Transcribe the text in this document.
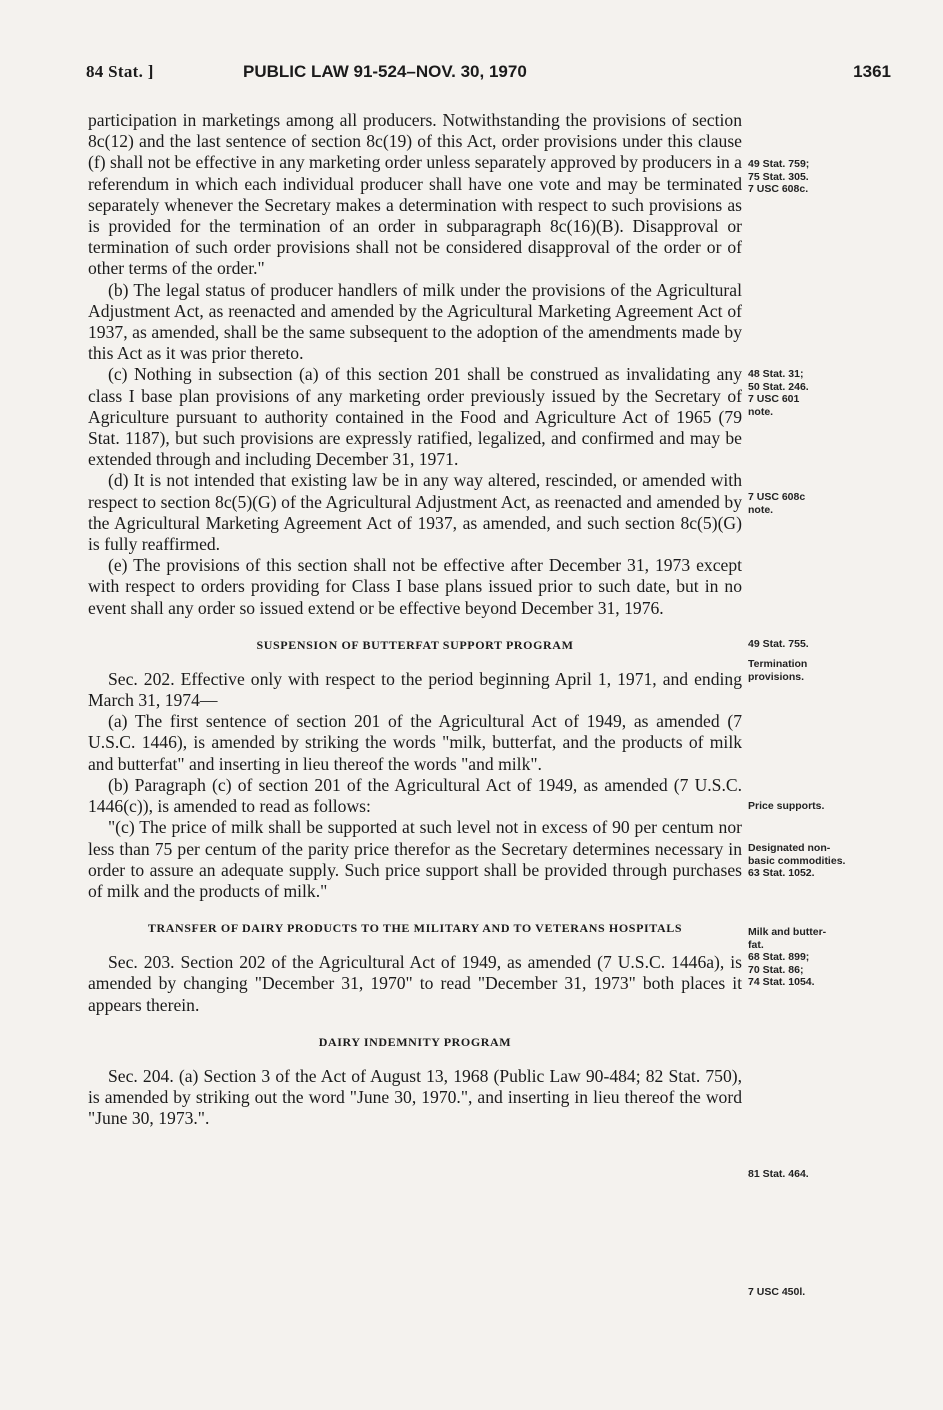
84 Stat. ]	PUBLIC LAW 91-524–NOV. 30, 1970	1361

participation in marketings among all producers. Notwithstanding the provisions of section 8c(12) and the last sentence of section 8c(19) of this Act, order provisions under this clause (f) shall not be effective in any marketing order unless separately approved by producers in a referendum in which each individual producer shall have one vote and may be terminated separately whenever the Secretary makes a determination with respect to such provisions as is provided for the termination of an order in subparagraph 8c(16)(B). Disapproval or termination of such order provisions shall not be considered disapproval of the order or of other terms of the order."

(b) The legal status of producer handlers of milk under the provisions of the Agricultural Adjustment Act, as reenacted and amended by the Agricultural Marketing Agreement Act of 1937, as amended, shall be the same subsequent to the adoption of the amendments made by this Act as it was prior thereto.

(c) Nothing in subsection (a) of this section 201 shall be construed as invalidating any class I base plan provisions of any marketing order previously issued by the Secretary of Agriculture pursuant to authority contained in the Food and Agriculture Act of 1965 (79 Stat. 1187), but such provisions are expressly ratified, legalized, and confirmed and may be extended through and including December 31, 1971.

(d) It is not intended that existing law be in any way altered, rescinded, or amended with respect to section 8c(5)(G) of the Agricultural Adjustment Act, as reenacted and amended by the Agricultural Marketing Agreement Act of 1937, as amended, and such section 8c(5)(G) is fully reaffirmed.

(e) The provisions of this section shall not be effective after December 31, 1973 except with respect to orders providing for Class I base plans issued prior to such date, but in no event shall any order so issued extend or be effective beyond December 31, 1976.

SUSPENSION OF BUTTERFAT SUPPORT PROGRAM

Sec. 202. Effective only with respect to the period beginning April 1, 1971, and ending March 31, 1974—

(a) The first sentence of section 201 of the Agricultural Act of 1949, as amended (7 U.S.C. 1446), is amended by striking the words "milk, butterfat, and the products of milk and butterfat" and inserting in lieu thereof the words "and milk".

(b) Paragraph (c) of section 201 of the Agricultural Act of 1949, as amended (7 U.S.C. 1446(c)), is amended to read as follows:

"(c) The price of milk shall be supported at such level not in excess of 90 per centum nor less than 75 per centum of the parity price therefor as the Secretary determines necessary in order to assure an adequate supply. Such price support shall be provided through purchases of milk and the products of milk."

TRANSFER OF DAIRY PRODUCTS TO THE MILITARY AND TO VETERANS HOSPITALS

Sec. 203. Section 202 of the Agricultural Act of 1949, as amended (7 U.S.C. 1446a), is amended by changing "December 31, 1970" to read "December 31, 1973" both places it appears therein.

DAIRY INDEMNITY PROGRAM

Sec. 204. (a) Section 3 of the Act of August 13, 1968 (Public Law 90-484; 82 Stat. 750), is amended by striking out the word "June 30, 1970.", and inserting in lieu thereof the word "June 30, 1973.".

49 Stat. 759;
75 Stat. 305.
7 USC 608c.
48 Stat. 31;
50 Stat. 246.
7 USC 601
note.
7 USC 608c
note.
49 Stat. 755.
Termination
provisions.
Price supports.
Designated non-
basic commodities.
63 Stat. 1052.
Milk and butter-
fat.
68 Stat. 899;
70 Stat. 86;
74 Stat. 1054.
81 Stat. 464.
7 USC 450l.
